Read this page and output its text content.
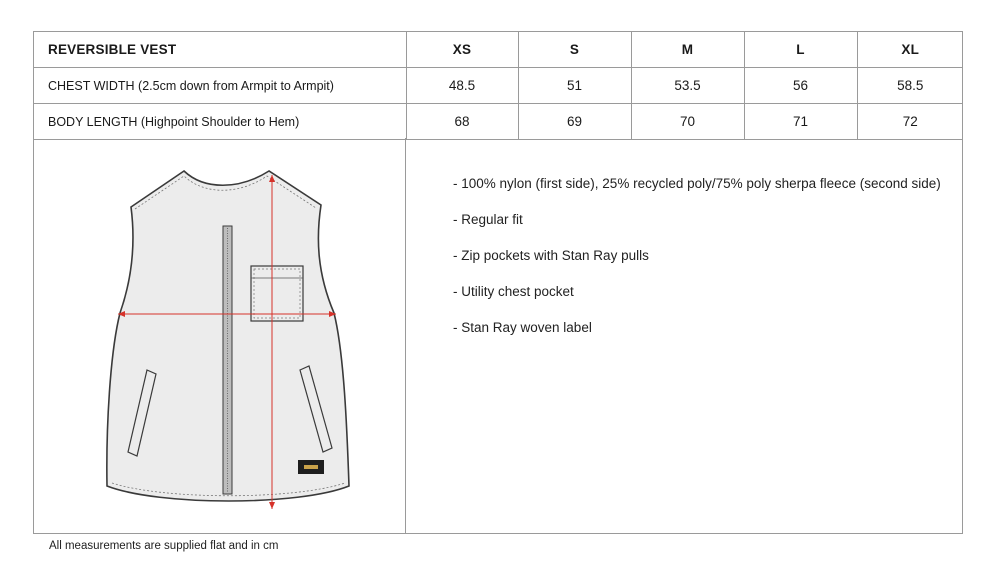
REVERSIBLE VEST	XS	S	M	L	XL
CHEST WIDTH (2.5cm down from Armpit to Armpit)	48.5	51	53.5	56	58.5
BODY LENGTH (Highpoint Shoulder to Hem)	68	69	70	71	72
- 100% nylon (first side), 25% recycled poly/75% poly sherpa fleece (second side)
- Regular fit
- Zip pockets with Stan Ray pulls
- Utility chest pocket
- Stan Ray woven label
All measurements are supplied flat and in cm
